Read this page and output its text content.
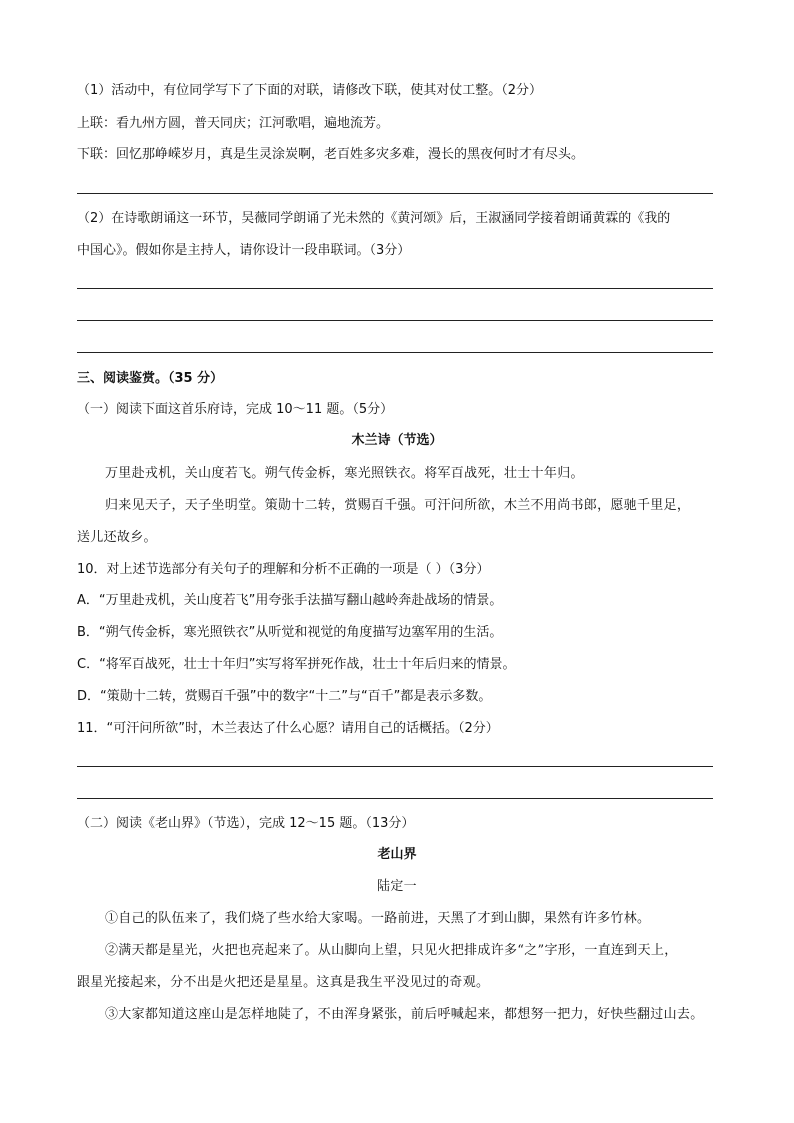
（1）活动中，有位同学写下了下面的对联，请修改下联，使其对仗工整。（2分）
上联：看九州方圆，普天同庆；江河歌唱，遍地流芳。
下联：回忆那峥嵘岁月，真是生灵涂炭啊，老百姓多灾多难，漫长的黑夜何时才有尽头。
（2）在诗歌朗诵这一环节，吴薇同学朗诵了光未然的《黄河颂》后，王淑涵同学接着朗诵黄霖的《我的
中国心》。假如你是主持人，请你设计一段串联词。（3分）
三、阅读鉴赏。（35 分）
（一）阅读下面这首乐府诗，完成 10～11 题。（5分）
木兰诗（节选）
万里赴戎机，关山度若飞。朔气传金柝，寒光照铁衣。将军百战死，壮士十年归。
归来见天子，天子坐明堂。策勋十二转，赏赐百千强。可汗问所欲，木兰不用尚书郎，愿驰千里足，
送儿还故乡。
10．对上述节选部分有关句子的理解和分析不正确的一项是（ ）（3分）
A．“万里赴戎机，关山度若飞”用夸张手法描写翻山越岭奔赴战场的情景。
B．“朔气传金柝，寒光照铁衣”从听觉和视觉的角度描写边塞军用的生活。
C．“将军百战死，壮士十年归”实写将军拼死作战，壮士十年后归来的情景。
D．“策勋十二转，赏赐百千强”中的数字“十二”与“百千”都是表示多数。
11．“可汗问所欲”时，木兰表达了什么心愿？请用自己的话概括。（2分）
（二）阅读《老山界》（节选），完成 12～15 题。（13分）
老山界
陆定一
①自己的队伍来了，我们烧了些水给大家喝。一路前进，天黑了才到山脚，果然有许多竹林。
②满天都是星光，火把也亮起来了。从山脚向上望，只见火把排成许多“之”字形，一直连到天上，
跟星光接起来，分不出是火把还是星星。这真是我生平没见过的奇观。
③大家都知道这座山是怎样地陡了，不由浑身紧张，前后呼喊起来，都想努一把力，好快些翻过山去。
